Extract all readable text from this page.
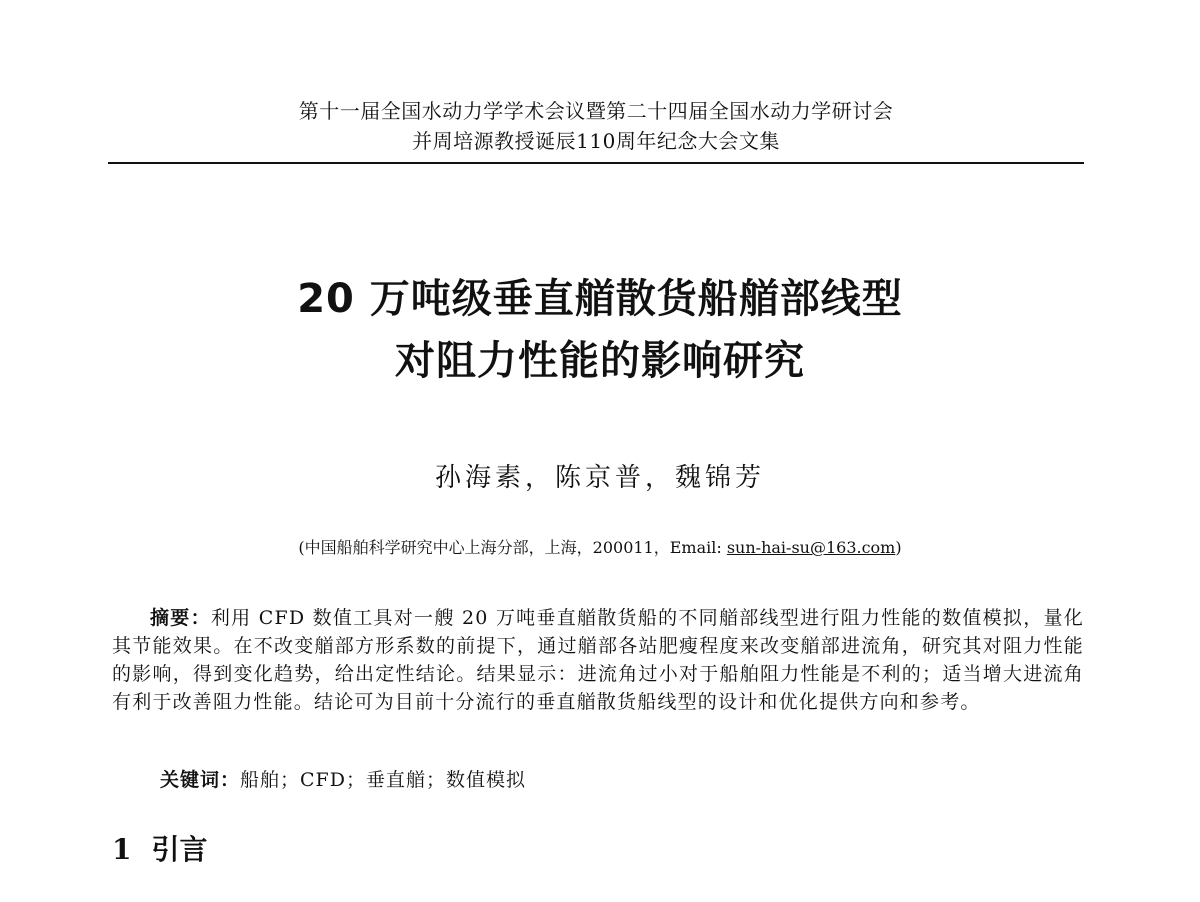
第十一届全国水动力学学术会议暨第二十四届全国水动力学研讨会
并周培源教授诞辰110周年纪念大会文集
20 万吨级垂直艏散货船艏部线型
对阻力性能的影响研究
孙海素，陈京普，魏锦芳
(中国船舶科学研究中心上海分部，上海，200011，Email: sun-hai-su@163.com)

摘要：利用 CFD 数值工具对一艘 20 万吨垂直艏散货船的不同艏部线型进行阻力性能的数值模拟，量化其节能效果。在不改变艏部方形系数的前提下，通过艏部各站肥瘦程度来改变艏部进流角，研究其对阻力性能的影响，得到变化趋势，给出定性结论。结果显示：进流角过小对于船舶阻力性能是不利的；适当增大进流角有利于改善阻力性能。结论可为目前十分流行的垂直艏散货船线型的设计和优化提供方向和参考。

关键词：船舶；CFD；垂直艏；数值模拟

1 引言
